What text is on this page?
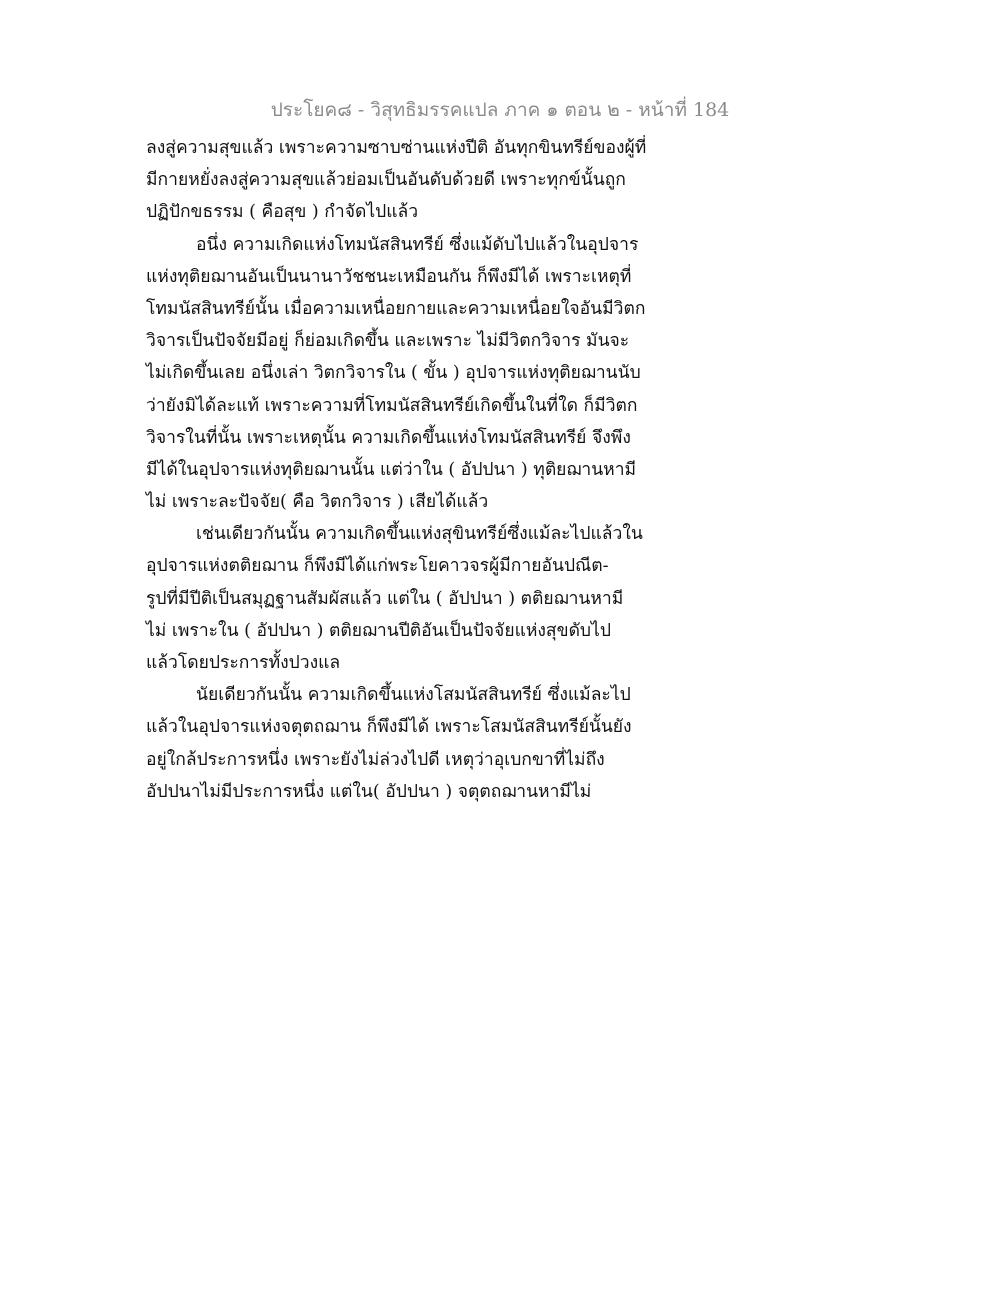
ประโยค๘ - วิสุทธิมรรคแปล ภาค ๑ ตอน ๒ - หน้าที่ 184
ลงสู่ความสุขแล้ว เพราะความซาบซ่านแห่งปีติ อันทุกขินทรีย์ของผู้ที่
มีกายหยั่งลงสู่ความสุขแล้วย่อมเป็นอันดับด้วยดี เพราะทุกข์นั้นถูก
ปฏิปักขธรรม ( คือสุข ) กำจัดไปแล้ว
อนึ่ง ความเกิดแห่งโทมนัสสินทรีย์ ซึ่งแม้ดับไปแล้วในอุปจาร
แห่งทุติยฌานอันเป็นนานาวัชชนะเหมือนกัน ก็พึงมีได้ เพราะเหตุที่
โทมนัสสินทรีย์นั้น เมื่อความเหนื่อยกายและความเหนื่อยใจอันมีวิตก
วิจารเป็นปัจจัยมีอยู่ ก็ย่อมเกิดขึ้น และเพราะ ไม่มีวิตกวิจาร มันจะ
ไม่เกิดขึ้นเลย อนึ่งเล่า วิตกวิจารใน ( ขั้น ) อุปจารแห่งทุติยฌานนับ
ว่ายังมิได้ละแท้ เพราะความที่โทมนัสสินทรีย์เกิดขึ้นในที่ใด ก็มีวิตก
วิจารในที่นั้น เพราะเหตุนั้น ความเกิดขึ้นแห่งโทมนัสสินทรีย์ จึงพึง
มีได้ในอุปจารแห่งทุติยฌานนั้น แต่ว่าใน ( อัปปนา ) ทุติยฌานหามี
ไม่ เพราะละปัจจัย( คือ วิตกวิจาร ) เสียได้แล้ว
เช่นเดียวกันนั้น ความเกิดขึ้นแห่งสุขินทรีย์ซึ่งแม้ละไปแล้วใน
อุปจารแห่งตติยฌาน ก็พึงมีได้แก่พระโยคาวจรผู้มีกายอันปณีต-
รูปที่มีปีติเป็นสมุฏฐานสัมผัสแล้ว แต่ใน ( อัปปนา ) ตติยฌานหามี
ไม่ เพราะใน ( อัปปนา ) ตติยฌานปีติอันเป็นปัจจัยแห่งสุขดับไป
แล้วโดยประการทั้งปวงแล
นัยเดียวกันนั้น ความเกิดขึ้นแห่งโสมนัสสินทรีย์ ซึ่งแม้ละไป
แล้วในอุปจารแห่งจตุตถฌาน ก็พึงมีได้ เพราะโสมนัสสินทรีย์นั้นยัง
อยู่ใกล้ประการหนึ่ง เพราะยังไม่ล่วงไปดี เหตุว่าอุเบกขาที่ไม่ถึง
อัปปนาไม่มีประการหนึ่ง แต่ใน( อัปปนา ) จตุตถฌานหามีไม่
